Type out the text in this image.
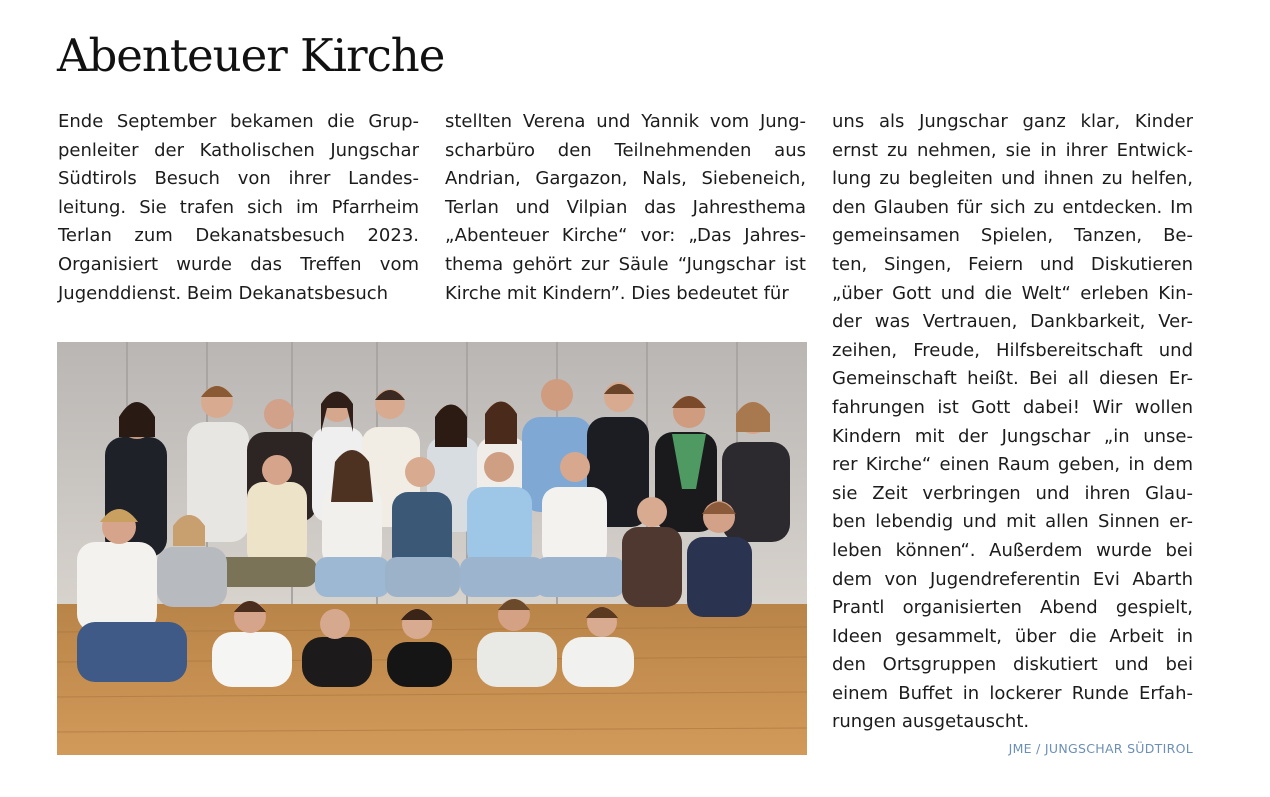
Abenteuer Kirche
Ende September bekamen die Grup-
penleiter der Katholischen Jungschar
Südtirols Besuch von ihrer Landes-
leitung. Sie trafen sich im Pfarrheim
Terlan zum Dekanatsbesuch 2023.
Organisiert wurde das Treffen vom
Jugenddienst. Beim Dekanatsbesuch
stellten Verena und Yannik vom Jung-
scharbüro den Teilnehmenden aus
Andrian, Gargazon, Nals, Siebeneich,
Terlan und Vilpian das Jahresthema
„Abenteuer Kirche“ vor: „Das Jahres-
thema gehört zur Säule “Jungschar ist
Kirche mit Kindern”. Dies bedeutet für
uns als Jungschar ganz klar, Kinder
ernst zu nehmen, sie in ihrer Entwick-
lung zu begleiten und ihnen zu helfen,
den Glauben für sich zu entdecken. Im
gemeinsamen Spielen, Tanzen, Be-
ten, Singen, Feiern und Diskutieren
„über Gott und die Welt“ erleben Kin-
der was Vertrauen, Dankbarkeit, Ver-
zeihen, Freude, Hilfsbereitschaft und
Gemeinschaft heißt. Bei all diesen Er-
fahrungen ist Gott dabei! Wir wollen
Kindern mit der Jungschar „in unse-
rer Kirche“ einen Raum geben, in dem
sie Zeit verbringen und ihren Glau-
ben lebendig und mit allen Sinnen er-
leben können“. Außerdem wurde bei
dem von Jugendreferentin Evi Abarth
Prantl organisierten Abend gespielt,
Ideen gesammelt, über die Arbeit in
den Ortsgruppen diskutiert und bei
einem Buffet in lockerer Runde Erfah-
rungen ausgetauscht.
JME / JUNGSCHAR SÜDTIROL
